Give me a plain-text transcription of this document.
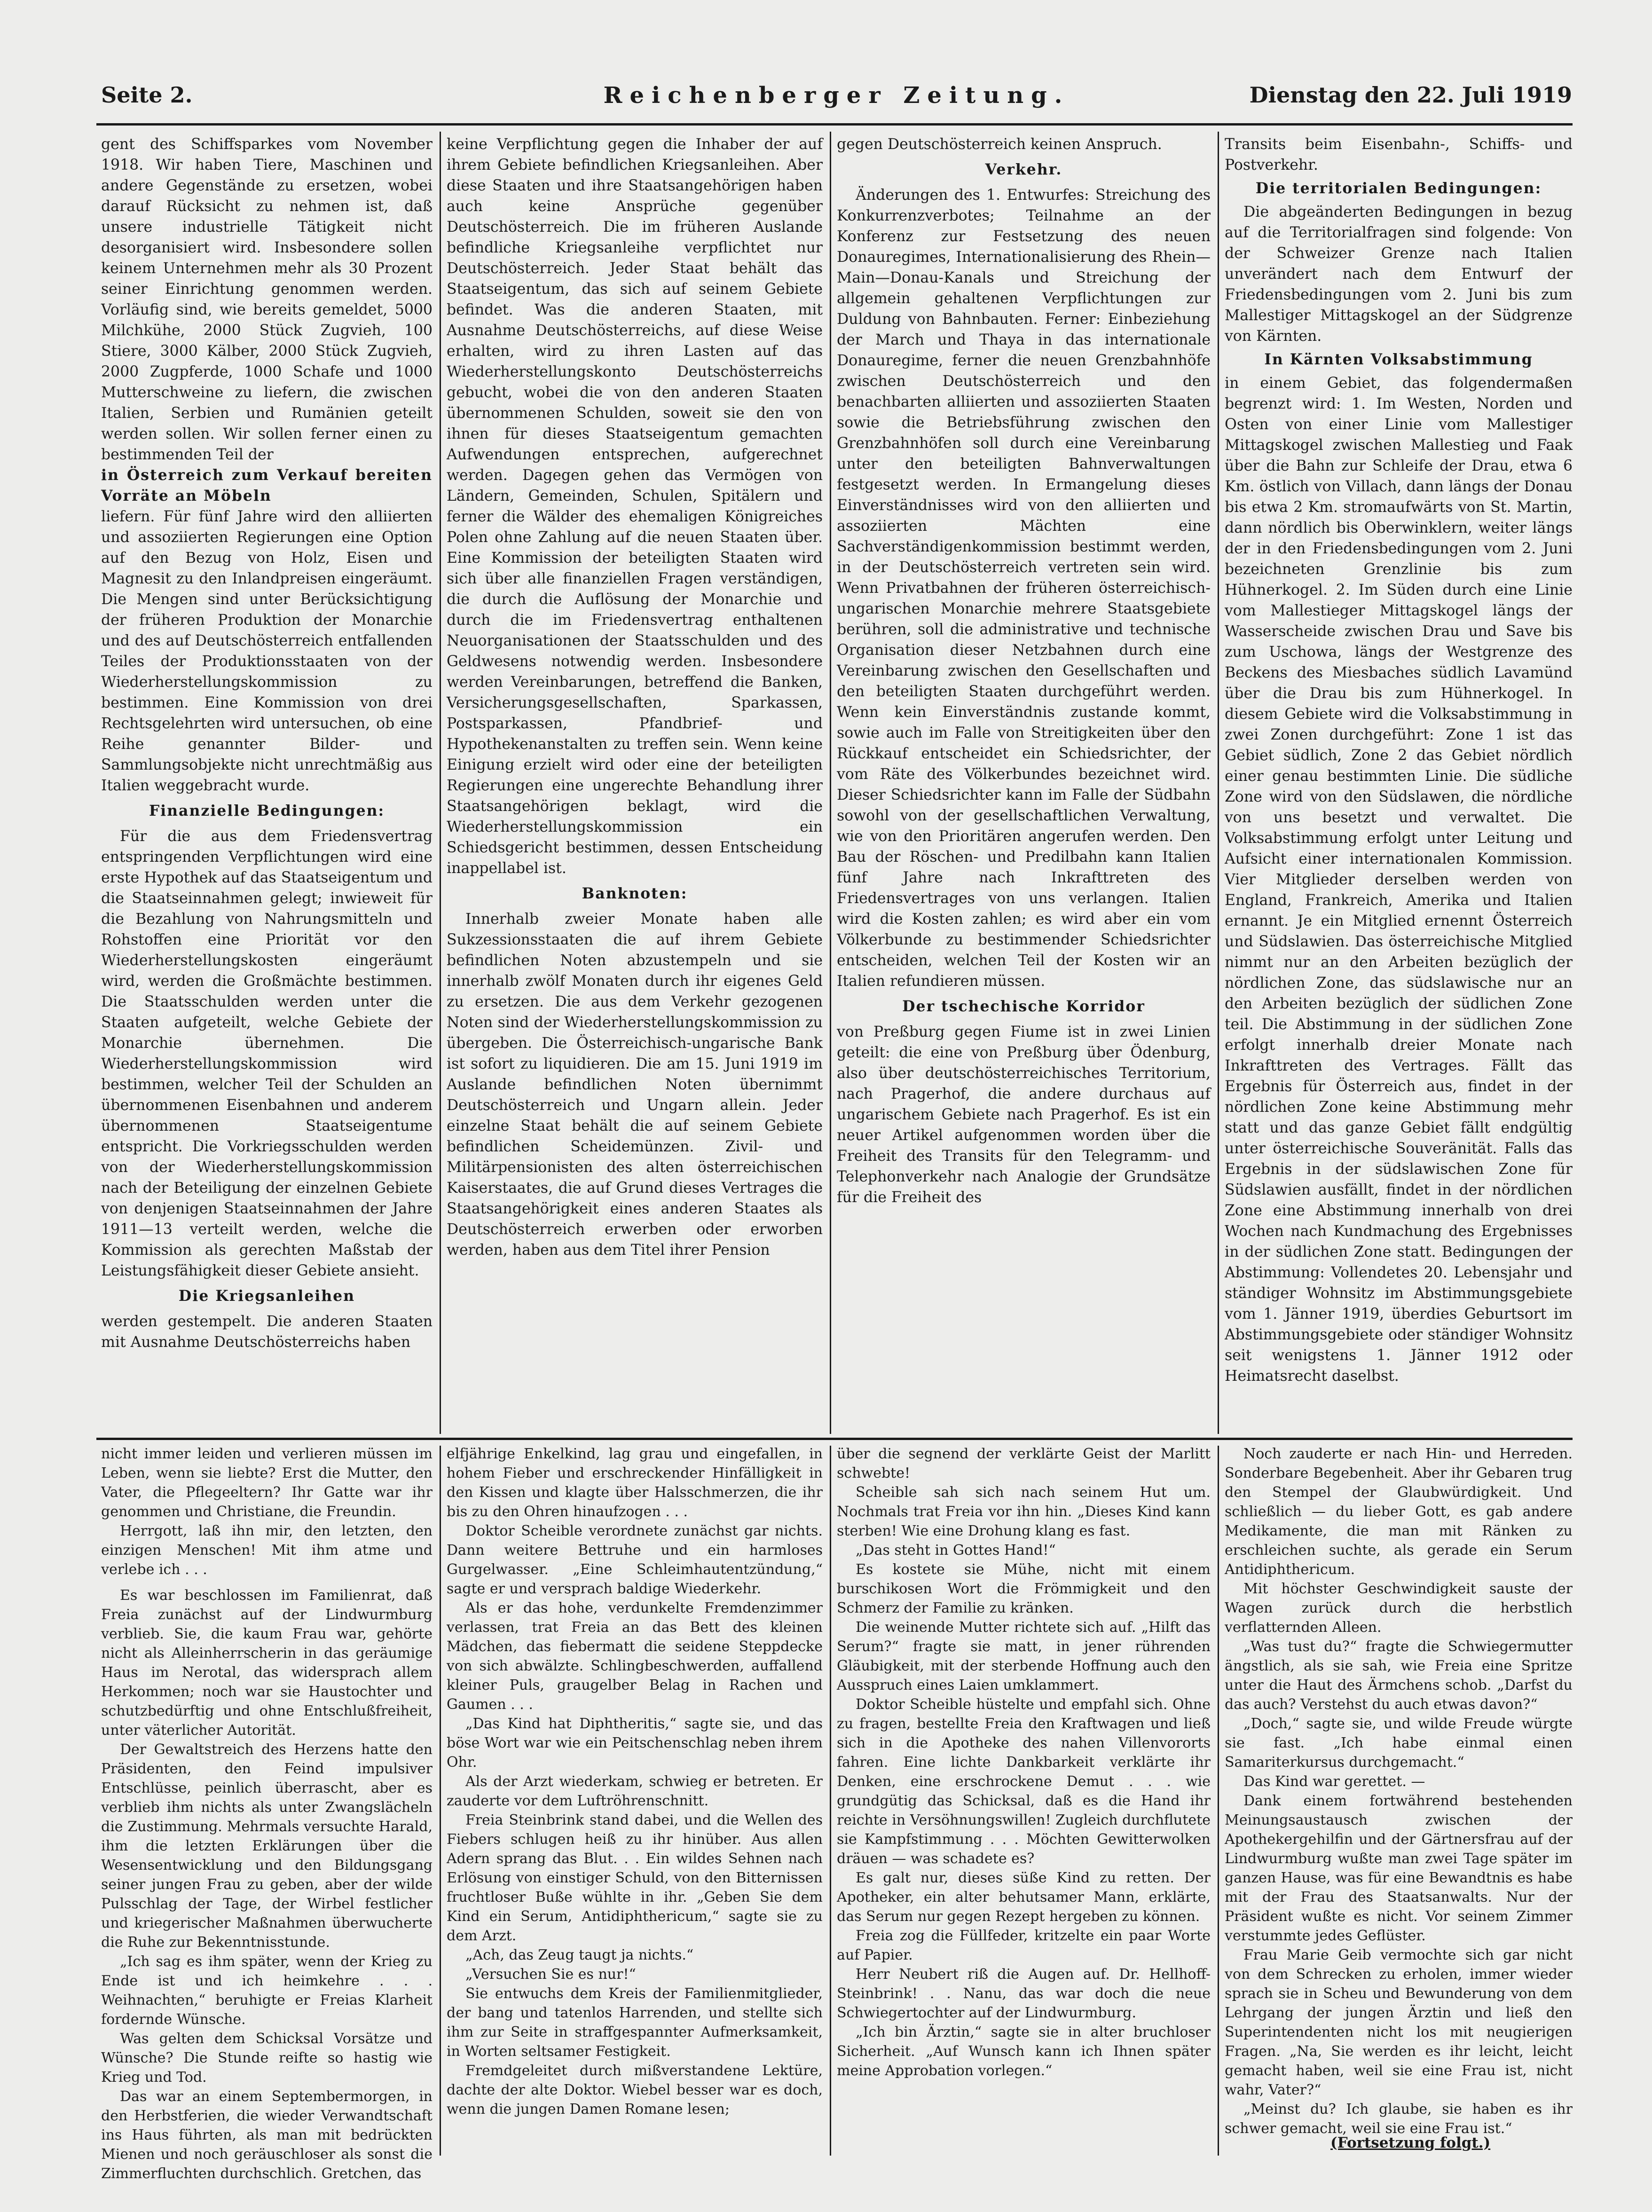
Seite 2.	Reichenberger Zeitung.	Dienstag den 22. Juli 1919

gent des Schiffsparkes vom November 1918. Wir haben Tiere, Maschinen und andere Gegenstände zu ersetzen, wobei darauf Rücksicht zu nehmen ist, daß unsere industrielle Tätigkeit nicht desorganisiert wird. Insbesondere sollen keinem Unternehmen mehr als 30 Prozent seiner Einrichtung genommen werden. Vorläufig sind, wie bereits gemeldet, 5000 Milchkühe, 2000 Stück Zugvieh, 100 Stiere, 3000 Kälber, 2000 Stück Zugvieh, 2000 Zugpferde, 1000 Schafe und 1000 Mutterschweine zu liefern, die zwischen Italien, Serbien und Rumänien geteilt werden sollen. Wir sollen ferner einen zu bestimmenden Teil der

in Österreich zum Verkauf bereiten Vorräte an Möbeln

liefern. Für fünf Jahre wird den alliierten und assoziierten Regierungen eine Option auf den Bezug von Holz, Eisen und Magnesit zu den Inlandpreisen eingeräumt. Die Mengen sind unter Berücksichtigung der früheren Produktion der Monarchie und des auf Deutschösterreich entfallenden Teiles der Produktionsstaaten von der Wiederherstellungskommission zu bestimmen. Eine Kommission von drei Rechtsgelehrten wird untersuchen, ob eine Reihe genannter Bilder- und Sammlungsobjekte nicht unrechtmäßig aus Italien weggebracht wurde.

Finanzielle Bedingungen:

Für die aus dem Friedensvertrag entspringenden Verpflichtungen wird eine erste Hypothek auf das Staatseigentum und die Staatseinnahmen gelegt; inwieweit für die Bezahlung von Nahrungsmitteln und Rohstoffen eine Priorität vor den Wiederherstellungskosten eingeräumt wird, werden die Großmächte bestimmen. Die Staatsschulden werden unter die Staaten aufgeteilt, welche Gebiete der Monarchie übernehmen. Die Wiederherstellungskommission wird bestimmen, welcher Teil der Schulden an übernommenen Eisenbahnen und anderem übernommenen Staatseigentume entspricht. Die Vorkriegsschulden werden von der Wiederherstellungskommission nach der Beteiligung der einzelnen Gebiete von denjenigen Staatseinnahmen der Jahre 1911—13 verteilt werden, welche die Kommission als gerechten Maßstab der Leistungsfähigkeit dieser Gebiete ansieht.

Die Kriegsanleihen

werden gestempelt. Die anderen Staaten mit Ausnahme Deutschösterreichs haben

keine Verpflichtung gegen die Inhaber der auf ihrem Gebiete befindlichen Kriegsanleihen. Aber diese Staaten und ihre Staatsangehörigen haben auch keine Ansprüche gegenüber Deutschösterreich. Die im früheren Auslande befindliche Kriegsanleihe verpflichtet nur Deutschösterreich. Jeder Staat behält das Staatseigentum, das sich auf seinem Gebiete befindet. Was die anderen Staaten, mit Ausnahme Deutschösterreichs, auf diese Weise erhalten, wird zu ihren Lasten auf das Wiederherstellungskonto Deutschösterreichs gebucht, wobei die von den anderen Staaten übernommenen Schulden, soweit sie den von ihnen für dieses Staatseigentum gemachten Aufwendungen entsprechen, aufgerechnet werden. Dagegen gehen das Vermögen von Ländern, Gemeinden, Schulen, Spitälern und ferner die Wälder des ehemaligen Königreiches Polen ohne Zahlung auf die neuen Staaten über. Eine Kommission der beteiligten Staaten wird sich über alle finanziellen Fragen verständigen, die durch die Auflösung der Monarchie und durch die im Friedensvertrag enthaltenen Neuorganisationen der Staatsschulden und des Geldwesens notwendig werden. Insbesondere werden Vereinbarungen, betreffend die Banken, Versicherungsgesellschaften, Sparkassen, Postsparkassen, Pfandbrief- und Hypothekenanstalten zu treffen sein. Wenn keine Einigung erzielt wird oder eine der beteiligten Regierungen eine ungerechte Behandlung ihrer Staatsangehörigen beklagt, wird die Wiederherstellungskommission ein Schiedsgericht bestimmen, dessen Entscheidung inappellabel ist.

Banknoten:

Innerhalb zweier Monate haben alle Sukzessionsstaaten die auf ihrem Gebiete befindlichen Noten abzustempeln und sie innerhalb zwölf Monaten durch ihr eigenes Geld zu ersetzen. Die aus dem Verkehr gezogenen Noten sind der Wiederherstellungskommission zu übergeben. Die Österreichisch-ungarische Bank ist sofort zu liquidieren. Die am 15. Juni 1919 im Auslande befindlichen Noten übernimmt Deutschösterreich und Ungarn allein. Jeder einzelne Staat behält die auf seinem Gebiete befindlichen Scheidemünzen. Zivil- und Militärpensionisten des alten österreichischen Kaiserstaates, die auf Grund dieses Vertrages die Staatsangehörigkeit eines anderen Staates als Deutschösterreich erwerben oder erworben werden, haben aus dem Titel ihrer Pension

gegen Deutschösterreich keinen Anspruch.

Verkehr.

Änderungen des 1. Entwurfes: Streichung des Konkurrenzverbotes; Teilnahme an der Konferenz zur Festsetzung des neuen Donauregimes, Internationalisierung des Rhein—Main—Donau-Kanals und Streichung der allgemein gehaltenen Verpflichtungen zur Duldung von Bahnbauten. Ferner: Einbeziehung der March und Thaya in das internationale Donauregime, ferner die neuen Grenzbahnhöfe zwischen Deutschösterreich und den benachbarten alliierten und assoziierten Staaten sowie die Betriebsführung zwischen den Grenzbahnhöfen soll durch eine Vereinbarung unter den beteiligten Bahnverwaltungen festgesetzt werden. In Ermangelung dieses Einverständnisses wird von den alliierten und assoziierten Mächten eine Sachverständigenkommission bestimmt werden, in der Deutschösterreich vertreten sein wird. Wenn Privatbahnen der früheren österreichisch-ungarischen Monarchie mehrere Staatsgebiete berühren, soll die administrative und technische Organisation dieser Netzbahnen durch eine Vereinbarung zwischen den Gesellschaften und den beteiligten Staaten durchgeführt werden. Wenn kein Einverständnis zustande kommt, sowie auch im Falle von Streitigkeiten über den Rückkauf entscheidet ein Schiedsrichter, der vom Räte des Völkerbundes bezeichnet wird. Dieser Schiedsrichter kann im Falle der Südbahn sowohl von der gesellschaftlichen Verwaltung, wie von den Prioritären angerufen werden. Den Bau der Röschen- und Predilbahn kann Italien fünf Jahre nach Inkrafttreten des Friedensvertrages von uns verlangen. Italien wird die Kosten zahlen; es wird aber ein vom Völkerbunde zu bestimmender Schiedsrichter entscheiden, welchen Teil der Kosten wir an Italien refundieren müssen.

Der tschechische Korridor

von Preßburg gegen Fiume ist in zwei Linien geteilt: die eine von Preßburg über Ödenburg, also über deutschösterreichisches Territorium, nach Pragerhof, die andere durchaus auf ungarischem Gebiete nach Pragerhof. Es ist ein neuer Artikel aufgenommen worden über die Freiheit des Transits für den Telegramm- und Telephonverkehr nach Analogie der Grundsätze für die Freiheit des

Transits beim Eisenbahn-, Schiffs- und Postverkehr.

Die territorialen Bedingungen:

Die abgeänderten Bedingungen in bezug auf die Territorialfragen sind folgende: Von der Schweizer Grenze nach Italien unverändert nach dem Entwurf der Friedensbedingungen vom 2. Juni bis zum Mallestiger Mittagskogel an der Südgrenze von Kärnten.

In Kärnten Volksabstimmung

in einem Gebiet, das folgendermaßen begrenzt wird: 1. Im Westen, Norden und Osten von einer Linie vom Mallestiger Mittagskogel zwischen Mallestieg und Faak über die Bahn zur Schleife der Drau, etwa 6 Km. östlich von Villach, dann längs der Donau bis etwa 2 Km. stromaufwärts von St. Martin, dann nördlich bis Oberwinklern, weiter längs der in den Friedensbedingungen vom 2. Juni bezeichneten Grenzlinie bis zum Hühnerkogel. 2. Im Süden durch eine Linie vom Mallestieger Mittagskogel längs der Wasserscheide zwischen Drau und Save bis zum Uschowa, längs der Westgrenze des Beckens des Miesbaches südlich Lavamünd über die Drau bis zum Hühnerkogel. In diesem Gebiete wird die Volksabstimmung in zwei Zonen durchgeführt: Zone 1 ist das Gebiet südlich, Zone 2 das Gebiet nördlich einer genau bestimmten Linie. Die südliche Zone wird von den Südslawen, die nördliche von uns besetzt und verwaltet. Die Volksabstimmung erfolgt unter Leitung und Aufsicht einer internationalen Kommission. Vier Mitglieder derselben werden von England, Frankreich, Amerika und Italien ernannt. Je ein Mitglied ernennt Österreich und Südslawien. Das österreichische Mitglied nimmt nur an den Arbeiten bezüglich der nördlichen Zone, das südslawische nur an den Arbeiten bezüglich der südlichen Zone teil. Die Abstimmung in der südlichen Zone erfolgt innerhalb dreier Monate nach Inkrafttreten des Vertrages. Fällt das Ergebnis für Österreich aus, findet in der nördlichen Zone keine Abstimmung mehr statt und das ganze Gebiet fällt endgültig unter österreichische Souveränität. Falls das Ergebnis in der südslawischen Zone für Südslawien ausfällt, findet in der nördlichen Zone eine Abstimmung innerhalb von drei Wochen nach Kundmachung des Ergebnisses in der südlichen Zone statt. Bedingungen der Abstimmung: Vollendetes 20. Lebensjahr und ständiger Wohnsitz im Abstimmungsgebiete vom 1. Jänner 1919, überdies Geburtsort im Abstimmungsgebiete oder ständiger Wohnsitz seit wenigstens 1. Jänner 1912 oder Heimatsrecht daselbst.

nicht immer leiden und verlieren müssen im Leben, wenn sie liebte? Erst die Mutter, den Vater, die Pflegeeltern? Ihr Gatte war ihr genommen und Christiane, die Freundin.

Herrgott, laß ihn mir, den letzten, den einzigen Menschen! Mit ihm atme und verlebe ich . . .

Es war beschlossen im Familienrat, daß Freia zunächst auf der Lindwurmburg verblieb. Sie, die kaum Frau war, gehörte nicht als Alleinherrscherin in das geräumige Haus im Nerotal, das widersprach allem Herkommen; noch war sie Haustochter und schutzbedürftig und ohne Entschlußfreiheit, unter väterlicher Autorität.

Der Gewaltstreich des Herzens hatte den Präsidenten, den Feind impulsiver Entschlüsse, peinlich überrascht, aber es verblieb ihm nichts als unter Zwangslächeln die Zustimmung. Mehrmals versuchte Harald, ihm die letzten Erklärungen über die Wesensentwicklung und den Bildungsgang seiner jungen Frau zu geben, aber der wilde Pulsschlag der Tage, der Wirbel festlicher und kriegerischer Maßnahmen überwucherte die Ruhe zur Bekenntnisstunde.

„Ich sag es ihm später, wenn der Krieg zu Ende ist und ich heimkehre . . . Weihnachten,“ beruhigte er Freias Klarheit fordernde Wünsche.

Was gelten dem Schicksal Vorsätze und Wünsche? Die Stunde reifte so hastig wie Krieg und Tod.

Das war an einem Septembermorgen, in den Herbstferien, die wieder Verwandtschaft ins Haus führten, als man mit bedrückten Mienen und noch geräuschloser als sonst die Zimmerfluchten durchschlich. Gretchen, das

elfjährige Enkelkind, lag grau und eingefallen, in hohem Fieber und erschreckender Hinfälligkeit in den Kissen und klagte über Halsschmerzen, die ihr bis zu den Ohren hinaufzogen . . .

Doktor Scheible verordnete zunächst gar nichts. Dann weitere Bettruhe und ein harmloses Gurgelwasser. „Eine Schleimhautentzündung,“ sagte er und versprach baldige Wiederkehr.

Als er das hohe, verdunkelte Fremdenzimmer verlassen, trat Freia an das Bett des kleinen Mädchen, das fiebermatt die seidene Steppdecke von sich abwälzte. Schlingbeschwerden, auffallend kleiner Puls, graugelber Belag in Rachen und Gaumen . . .

„Das Kind hat Diphtheritis,“ sagte sie, und das böse Wort war wie ein Peitschenschlag neben ihrem Ohr.

Als der Arzt wiederkam, schwieg er betreten. Er zauderte vor dem Luftröhrenschnitt.

Freia Steinbrink stand dabei, und die Wellen des Fiebers schlugen heiß zu ihr hinüber. Aus allen Adern sprang das Blut. . . Ein wildes Sehnen nach Erlösung von einstiger Schuld, von den Bitternissen fruchtloser Buße wühlte in ihr. „Geben Sie dem Kind ein Serum, Antidiphthericum,“ sagte sie zu dem Arzt.

„Ach, das Zeug taugt ja nichts.“

„Versuchen Sie es nur!“

Sie entwuchs dem Kreis der Familienmitglieder, der bang und tatenlos Harrenden, und stellte sich ihm zur Seite in straffgespannter Aufmerksamkeit, in Worten seltsamer Festigkeit.

Fremdgeleitet durch mißverstandene Lektüre, dachte der alte Doktor. Wiebel besser war es doch, wenn die jungen Damen Romane lesen;

über die segnend der verklärte Geist der Marlitt schwebte!

Scheible sah sich nach seinem Hut um. Nochmals trat Freia vor ihn hin. „Dieses Kind kann sterben! Wie eine Drohung klang es fast.

„Das steht in Gottes Hand!“

Es kostete sie Mühe, nicht mit einem burschikosen Wort die Frömmigkeit und den Schmerz der Familie zu kränken.

Die weinende Mutter richtete sich auf. „Hilft das Serum?“ fragte sie matt, in jener rührenden Gläubigkeit, mit der sterbende Hoffnung auch den Ausspruch eines Laien umklammert.

Doktor Scheible hüstelte und empfahl sich. Ohne zu fragen, bestellte Freia den Kraftwagen und ließ sich in die Apotheke des nahen Villenvororts fahren. Eine lichte Dankbarkeit verklärte ihr Denken, eine erschrockene Demut . . . wie grundgütig das Schicksal, daß es die Hand ihr reichte in Versöhnungswillen! Zugleich durchflutete sie Kampfstimmung . . . Möchten Gewitterwolken dräuen — was schadete es?

Es galt nur, dieses süße Kind zu retten. Der Apotheker, ein alter behutsamer Mann, erklärte, das Serum nur gegen Rezept hergeben zu können.

Freia zog die Füllfeder, kritzelte ein paar Worte auf Papier.

Herr Neubert riß die Augen auf. Dr. Hellhoff-Steinbrink! . . Nanu, das war doch die neue Schwiegertochter auf der Lindwurmburg.

„Ich bin Ärztin,“ sagte sie in alter bruchloser Sicherheit. „Auf Wunsch kann ich Ihnen später meine Approbation vorlegen.“

Noch zauderte er nach Hin- und Herreden. Sonderbare Begebenheit. Aber ihr Gebaren trug den Stempel der Glaubwürdigkeit. Und schließlich — du lieber Gott, es gab andere Medikamente, die man mit Ränken zu erschleichen suchte, als gerade ein Serum Antidiphthericum.

Mit höchster Geschwindigkeit sauste der Wagen zurück durch die herbstlich verflatternden Alleen.

„Was tust du?“ fragte die Schwiegermutter ängstlich, als sie sah, wie Freia eine Spritze unter die Haut des Ärmchens schob. „Darfst du das auch? Verstehst du auch etwas davon?“

„Doch,“ sagte sie, und wilde Freude würgte sie fast. „Ich habe einmal einen Samariterkursus durchgemacht.“

Das Kind war gerettet. —

Dank einem fortwährend bestehenden Meinungsaustausch zwischen der Apothekergehilfin und der Gärtnersfrau auf der Lindwurmburg wußte man zwei Tage später im ganzen Hause, was für eine Bewandtnis es habe mit der Frau des Staatsanwalts. Nur der Präsident wußte es nicht. Vor seinem Zimmer verstummte jedes Geflüster.

Frau Marie Geib vermochte sich gar nicht von dem Schrecken zu erholen, immer wieder sprach sie in Scheu und Bewunderung von dem Lehrgang der jungen Ärztin und ließ den Superintendenten nicht los mit neugierigen Fragen. „Na, Sie werden es ihr leicht, leicht gemacht haben, weil sie eine Frau ist, nicht wahr, Vater?“

„Meinst du? Ich glaube, sie haben es ihr schwer gemacht, weil sie eine Frau ist.“

(Fortsetzung folgt.)
